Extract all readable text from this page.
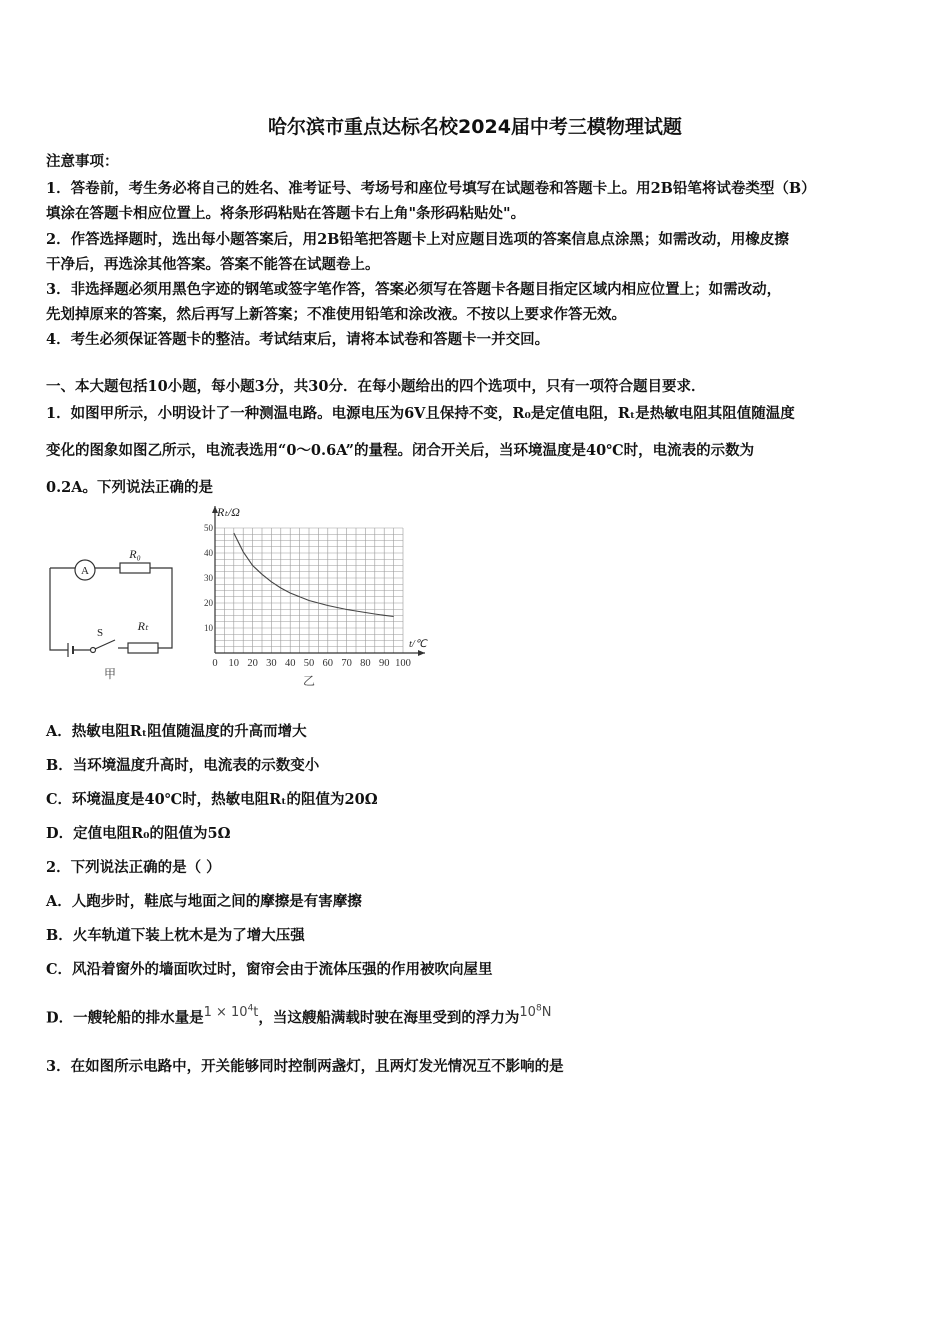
哈尔滨市重点达标名校2024届中考三模物理试题
注意事项：
1．答卷前，考生务必将自己的姓名、准考证号、考场号和座位号填写在试题卷和答题卡上。用2B铅笔将试卷类型（B）
填涂在答题卡相应位置上。将条形码粘贴在答题卡右上角"条形码粘贴处"。
2．作答选择题时，选出每小题答案后，用2B铅笔把答题卡上对应题目选项的答案信息点涂黑；如需改动，用橡皮擦
干净后，再选涂其他答案。答案不能答在试题卷上。
3．非选择题必须用黑色字迹的钢笔或签字笔作答，答案必须写在答题卡各题目指定区域内相应位置上；如需改动，
先划掉原来的答案，然后再写上新答案；不准使用铅笔和涂改液。不按以上要求作答无效。
4．考生必须保证答题卡的整洁。考试结束后，请将本试卷和答题卡一并交回。
一、本大题包括10小题，每小题3分，共30分．在每小题给出的四个选项中，只有一项符合题目要求．
1．如图甲所示，小明设计了一种测温电路。电源电压为6V且保持不变，R₀是定值电阻，Rₜ是热敏电阻其阻值随温度
变化的图象如图乙所示，电流表选用“0～0.6A”的量程。闭合开关后，当环境温度是40℃时，电流表的示数为
0.2A。下列说法正确的是
A
R₀
Rₜ
S
甲
0 10 20 30 40 50 60 70 80 90 100
10
20
30
40
50
Rₜ/Ω
t/℃
乙
A．热敏电阻Rₜ阻值随温度的升高而增大
B．当环境温度升高时，电流表的示数变小
C．环境温度是40℃时，热敏电阻Rₜ的阻值为20Ω
D．定值电阻R₀的阻值为5Ω
2．下列说法正确的是（ ）
A．人跑步时，鞋底与地面之间的摩擦是有害摩擦
B．火车轨道下装上枕木是为了增大压强
C．风沿着窗外的墙面吹过时，窗帘会由于流体压强的作用被吹向屋里
D．一艘轮船的排水量是$1 \times 10^4t$，当这艘船满载时驶在海里受到的浮力为$10^8N$
3．在如图所示电路中，开关能够同时控制两盏灯，且两灯发光情况互不影响的是
